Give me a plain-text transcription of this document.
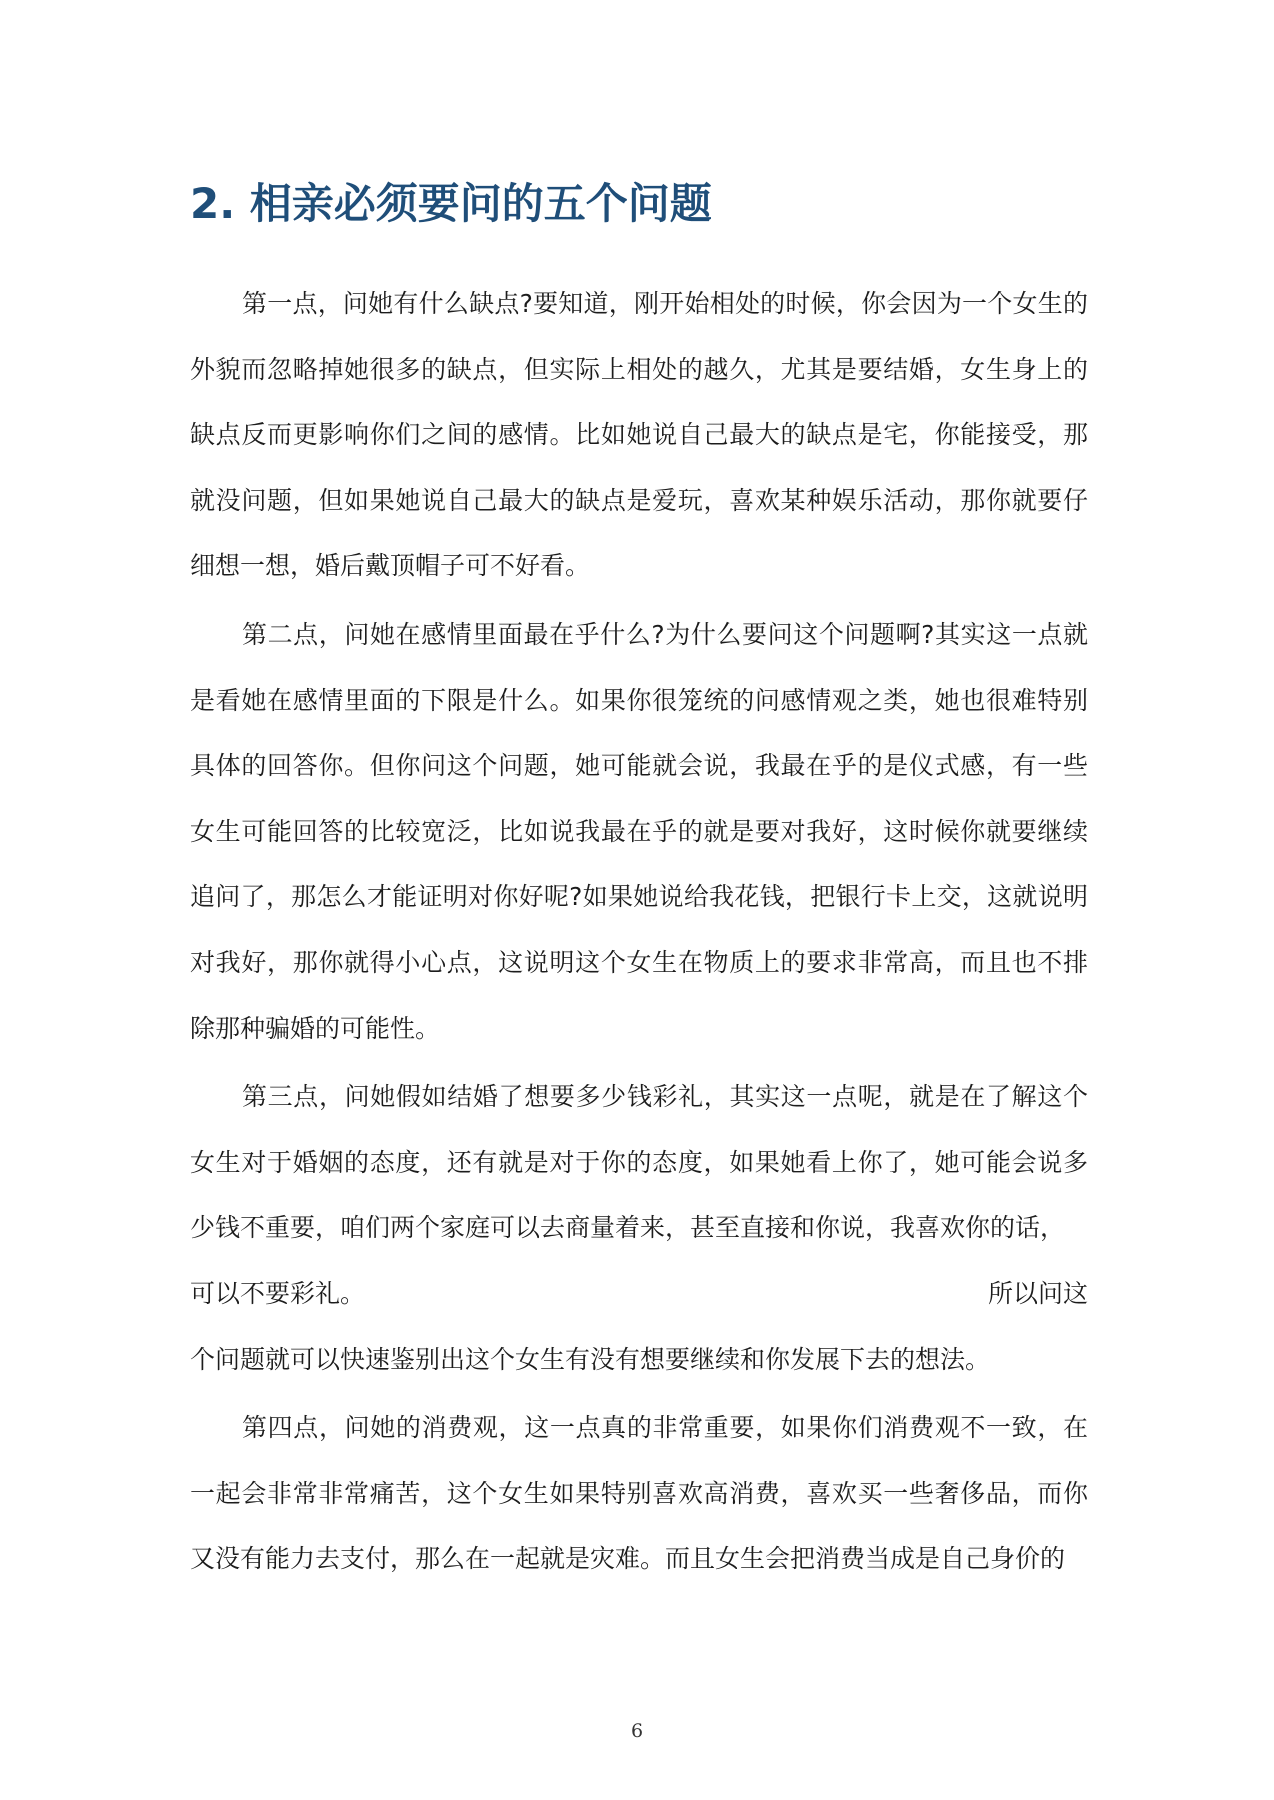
2. 相亲必须要问的五个问题

第一点，问她有什么缺点?要知道，刚开始相处的时候，你会因为一个女生的外貌而忽略掉她很多的缺点，但实际上相处的越久，尤其是要结婚，女生身上的缺点反而更影响你们之间的感情。比如她说自己最大的缺点是宅，你能接受，那就没问题，但如果她说自己最大的缺点是爱玩，喜欢某种娱乐活动，那你就要仔细想一想，婚后戴顶帽子可不好看。

第二点，问她在感情里面最在乎什么?为什么要问这个问题啊?其实这一点就是看她在感情里面的下限是什么。如果你很笼统的问感情观之类，她也很难特别具体的回答你。但你问这个问题，她可能就会说，我最在乎的是仪式感，有一些女生可能回答的比较宽泛，比如说我最在乎的就是要对我好，这时候你就要继续追问了，那怎么才能证明对你好呢?如果她说给我花钱，把银行卡上交，这就说明对我好，那你就得小心点，这说明这个女生在物质上的要求非常高，而且也不排除那种骗婚的可能性。

第三点，问她假如结婚了想要多少钱彩礼，其实这一点呢，就是在了解这个女生对于婚姻的态度，还有就是对于你的态度，如果她看上你了，她可能会说多少钱不重要，咱们两个家庭可以去商量着来，甚至直接和你说，我喜欢你的话，
可以不要彩礼。	所以问这
个问题就可以快速鉴别出这个女生有没有想要继续和你发展下去的想法。

第四点，问她的消费观，这一点真的非常重要，如果你们消费观不一致，在一起会非常非常痛苦，这个女生如果特别喜欢高消费，喜欢买一些奢侈品，而你又没有能力去支付，那么在一起就是灾难。而且女生会把消费当成是自己身价的

6
